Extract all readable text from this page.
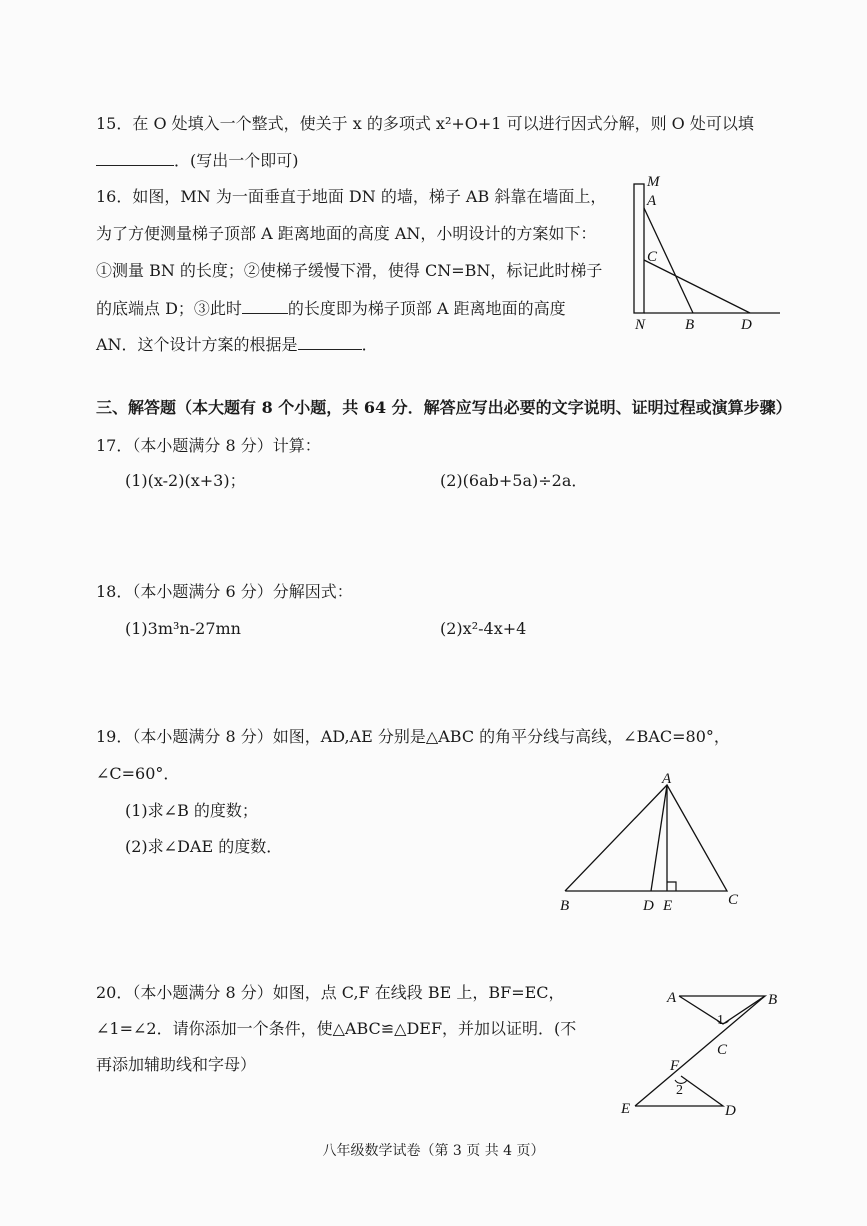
15．在 O 处填入一个整式，使关于 x 的多项式 x²+O+1 可以进行因式分解，则 O 处可以填
．(写出一个即可)
16．如图，MN 为一面垂直于地面 DN 的墙，梯子 AB 斜靠在墙面上，
为了方便测量梯子顶部 A 距离地面的高度 AN，小明设计的方案如下：
①测量 BN 的长度；②使梯子缓慢下滑，使得 CN=BN，标记此时梯子
的底端点 D；③此时	的长度即为梯子顶部 A 距离地面的高度
AN．这个设计方案的根据是	．
M
A
C
N	B	D
三、解答题（本大题有 8 个小题，共 64 分．解答应写出必要的文字说明、证明过程或演算步骤）
17．（本小题满分 8 分）计算：
(1)(x-2)(x+3)；	(2)(6ab+5a)÷2a．
18．（本小题满分 6 分）分解因式：
(1)3m³n-27mn	(2)x²-4x+4
19．（本小题满分 8 分）如图，AD,AE 分别是△ABC 的角平分线与高线，∠BAC=80°，
∠C=60°．
(1)求∠B 的度数；
(2)求∠DAE 的度数．
A
B	C
D E
20．（本小题满分 8 分）如图，点 C,F 在线段 BE 上，BF=EC，
∠1=∠2．请你添加一个条件，使△ABC≌△DEF，并加以证明．(不
再添加辅助线和字母）
A	B
C
D
E
F
1
2
八年级数学试卷（第 3 页 共 4 页）
